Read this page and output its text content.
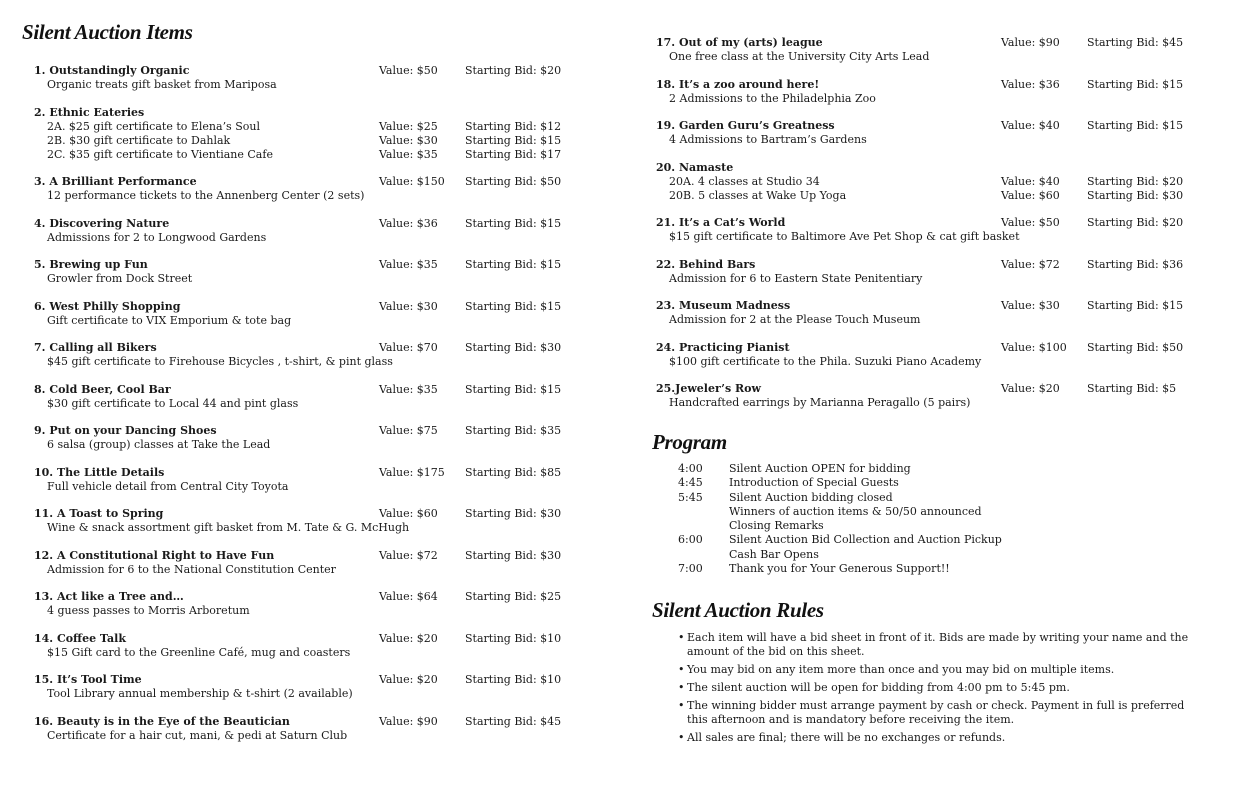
Silent Auction Items
1. Outstandingly Organic	Value: $50	Starting Bid: $20
Organic treats gift basket from Mariposa
2. Ethnic Eateries
2A. $25 gift certificate to Elena’s Soul	Value: $25	Starting Bid: $12
2B. $30 gift certificate to Dahlak	Value: $30	Starting Bid: $15
2C. $35 gift certificate to Vientiane Cafe	Value: $35	Starting Bid: $17
3. A Brilliant Performance	Value: $150	Starting Bid: $50
12 performance tickets to the Annenberg Center (2 sets)
4. Discovering Nature	Value: $36	Starting Bid: $15
Admissions for 2 to Longwood Gardens
5. Brewing up Fun	Value: $35	Starting Bid: $15
Growler from Dock Street
6. West Philly Shopping	Value: $30	Starting Bid: $15
Gift certificate to VIX Emporium & tote bag
7. Calling all Bikers	Value: $70	Starting Bid: $30
$45 gift certificate to Firehouse Bicycles , t-shirt, & pint glass
8. Cold Beer, Cool Bar	Value: $35	Starting Bid: $15
$30 gift certificate to Local 44 and pint glass
9. Put on your Dancing Shoes	Value: $75	Starting Bid: $35
6 salsa (group) classes at Take the Lead
10. The Little Details	Value: $175	Starting Bid: $85
Full vehicle detail from Central City Toyota
11. A Toast to Spring	Value: $60	Starting Bid: $30
Wine & snack assortment gift basket from M. Tate & G. McHugh
12. A Constitutional Right to Have Fun	Value: $72	Starting Bid: $30
Admission for 6 to the National Constitution Center
13. Act like a Tree and…	Value: $64	Starting Bid: $25
4 guess passes to Morris Arboretum
14. Coffee Talk	Value: $20	Starting Bid: $10
$15 Gift card to the Greenline Café, mug and coasters
15. It’s Tool Time	Value: $20	Starting Bid: $10
Tool Library annual membership & t-shirt (2 available)
16. Beauty is in the Eye of the Beautician	Value: $90	Starting Bid: $45
Certificate for a hair cut, mani, & pedi at Saturn Club
17. Out of my (arts) league	Value: $90	Starting Bid: $45
One free class at the University City Arts Lead
18. It’s a zoo around here!	Value: $36	Starting Bid: $15
2 Admissions to the Philadelphia Zoo
19. Garden Guru’s Greatness	Value: $40	Starting Bid: $15
4 Admissions to Bartram’s Gardens
20. Namaste
20A. 4 classes at Studio 34	Value: $40	Starting Bid: $20
20B. 5 classes at Wake Up Yoga	Value: $60	Starting Bid: $30
21. It’s a Cat’s World	Value: $50	Starting Bid: $20
$15 gift certificate to Baltimore Ave Pet Shop & cat gift basket
22. Behind Bars	Value: $72	Starting Bid: $36
Admission for 6 to Eastern State Penitentiary
23. Museum Madness	Value: $30	Starting Bid: $15
Admission for 2 at the Please Touch Museum
24. Practicing Pianist	Value: $100	Starting Bid: $50
$100 gift certificate to the Phila. Suzuki Piano Academy
25.Jeweler’s Row	Value: $20	Starting Bid: $5
Handcrafted earrings by Marianna Peragallo (5 pairs)
Program
4:00	Silent Auction OPEN for bidding
4:45	Introduction of Special Guests
5:45	Silent Auction bidding closed
Winners of auction items & 50/50 announced
Closing Remarks
6:00	Silent Auction Bid Collection and Auction Pickup
Cash Bar Opens
7:00	Thank you for Your Generous Support!!
Silent Auction Rules
• Each item will have a bid sheet in front of it. Bids are made by writing your name and the amount of the bid on this sheet.
• You may bid on any item more than once and you may bid on multiple items.
• The silent auction will be open for bidding from 4:00 pm to 5:45 pm.
• The winning bidder must arrange payment by cash or check. Payment in full is preferred this afternoon and is mandatory before receiving the item.
• All sales are final; there will be no exchanges or refunds.
